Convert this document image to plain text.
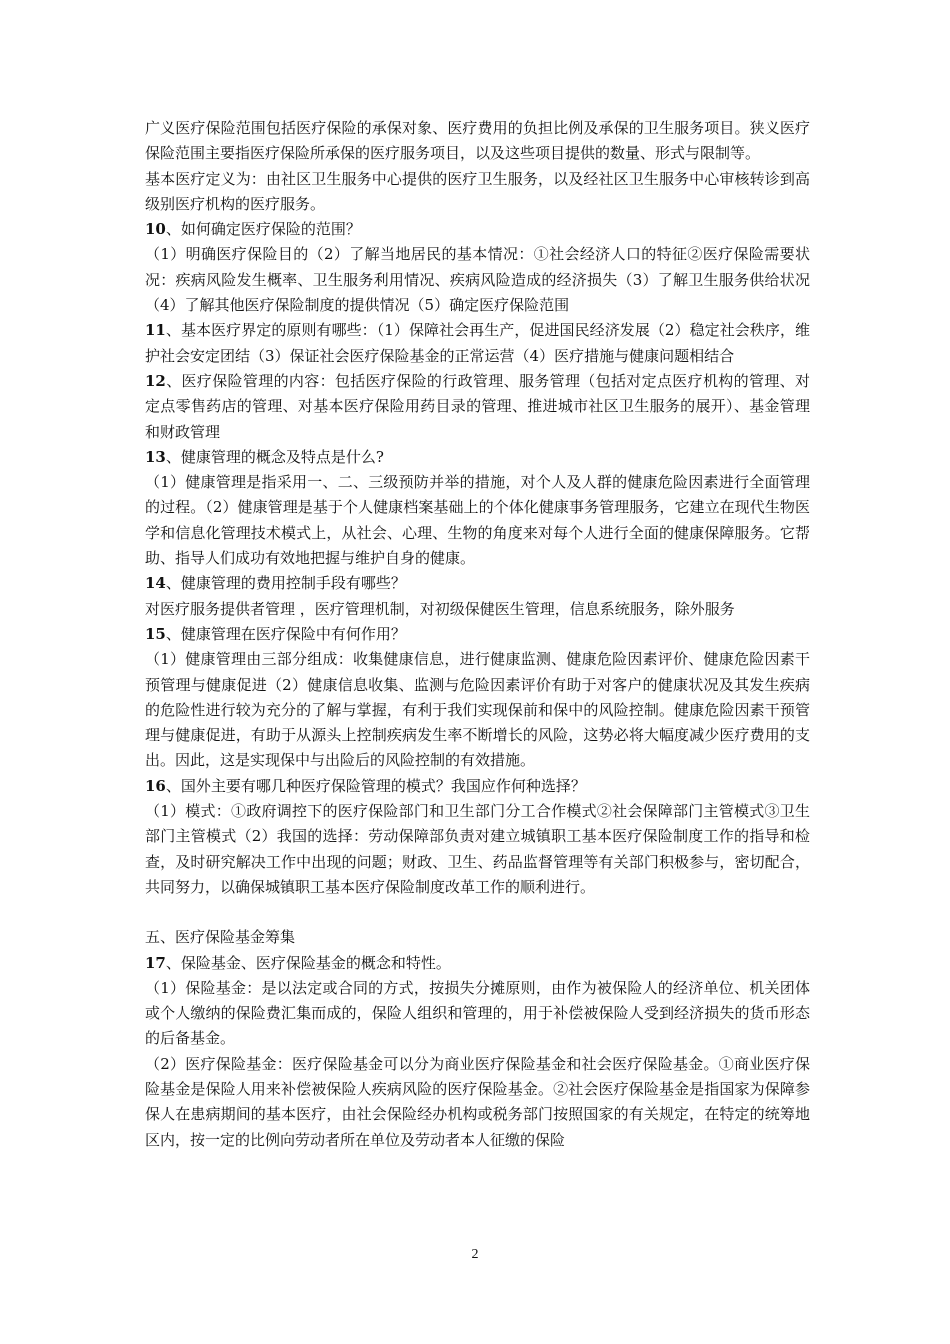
广义医疗保险范围包括医疗保险的承保对象、医疗费用的负担比例及承保的卫生服务项目。狭义医疗保险范围主要指医疗保险所承保的医疗服务项目，以及这些项目提供的数量、形式与限制等。

基本医疗定义为：由社区卫生服务中心提供的医疗卫生服务，以及经社区卫生服务中心审核转诊到高级别医疗机构的医疗服务。

10、如何确定医疗保险的范围？

（1）明确医疗保险目的（2）了解当地居民的基本情况：①社会经济人口的特征②医疗保险需要状况：疾病风险发生概率、卫生服务利用情况、疾病风险造成的经济损失（3）了解卫生服务供给状况（4）了解其他医疗保险制度的提供情况（5）确定医疗保险范围

11、基本医疗界定的原则有哪些：（1）保障社会再生产，促进国民经济发展（2）稳定社会秩序，维护社会安定团结（3）保证社会医疗保险基金的正常运营（4）医疗措施与健康问题相结合

12、医疗保险管理的内容：包括医疗保险的行政管理、服务管理（包括对定点医疗机构的管理、对定点零售药店的管理、对基本医疗保险用药目录的管理、推进城市社区卫生服务的展开）、基金管理和财政管理

13、健康管理的概念及特点是什么?

（1）健康管理是指采用一、二、三级预防并举的措施，对个人及人群的健康危险因素进行全面管理的过程。（2）健康管理是基于个人健康档案基础上的个体化健康事务管理服务，它建立在现代生物医学和信息化管理技术模式上，从社会、心理、生物的角度来对每个人进行全面的健康保障服务。它帮助、指导人们成功有效地把握与维护自身的健康。

14、健康管理的费用控制手段有哪些？

对医疗服务提供者管理 ，医疗管理机制，对初级保健医生管理，信息系统服务，除外服务

15、健康管理在医疗保险中有何作用？

（1）健康管理由三部分组成：收集健康信息，进行健康监测、健康危险因素评价、健康危险因素干预管理与健康促进（2）健康信息收集、监测与危险因素评价有助于对客户的健康状况及其发生疾病的危险性进行较为充分的了解与掌握，有利于我们实现保前和保中的风险控制。健康危险因素干预管理与健康促进，有助于从源头上控制疾病发生率不断增长的风险，这势必将大幅度减少医疗费用的支出。因此，这是实现保中与出险后的风险控制的有效措施。

16、国外主要有哪几种医疗保险管理的模式？我国应作何种选择？

（1）模式：①政府调控下的医疗保险部门和卫生部门分工合作模式②社会保障部门主管模式③卫生部门主管模式（2）我国的选择：劳动保障部负责对建立城镇职工基本医疗保险制度工作的指导和检查，及时研究解决工作中出现的问题；财政、卫生、药品监督管理等有关部门积极参与，密切配合，共同努力，以确保城镇职工基本医疗保险制度改革工作的顺利进行。

五、医疗保险基金筹集

17、保险基金、医疗保险基金的概念和特性。

（1）保险基金：是以法定或合同的方式，按损失分摊原则，由作为被保险人的经济单位、机关团体或个人缴纳的保险费汇集而成的，保险人组织和管理的，用于补偿被保险人受到经济损失的货币形态的后备基金。

（2）医疗保险基金：医疗保险基金可以分为商业医疗保险基金和社会医疗保险基金。①商业医疗保险基金是保险人用来补偿被保险人疾病风险的医疗保险基金。②社会医疗保险基金是指国家为保障参保人在患病期间的基本医疗，由社会保险经办机构或税务部门按照国家的有关规定，在特定的统筹地区内，按一定的比例向劳动者所在单位及劳动者本人征缴的保险

2
